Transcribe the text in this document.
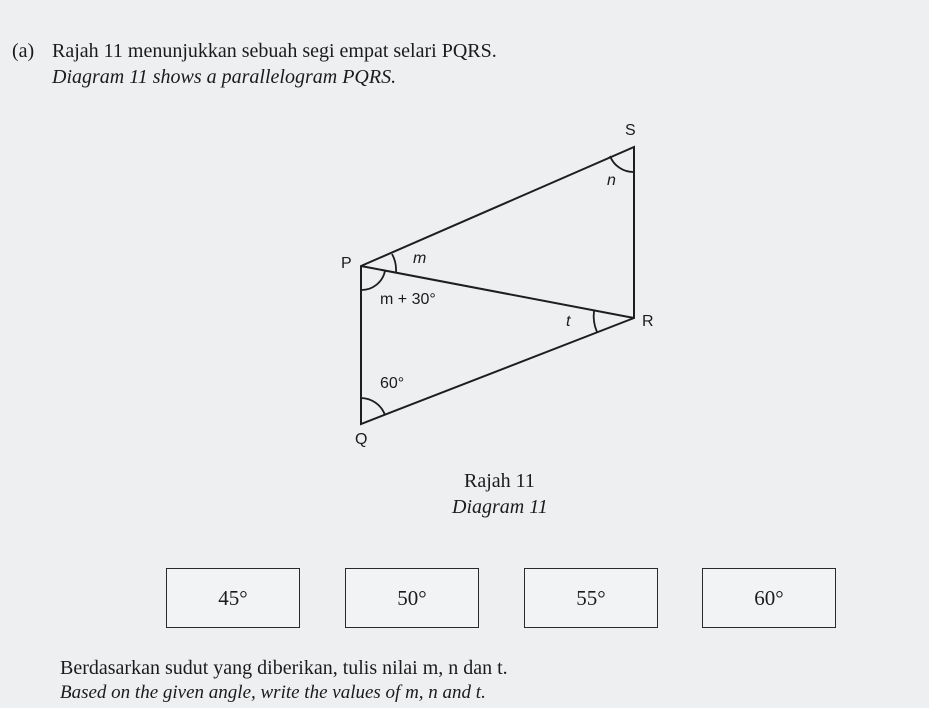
(a) Rajah 11 menunjukkan sebuah segi empat selari PQRS.
Diagram 11 shows a parallelogram PQRS.
S
P
R
Q
n
m
m + 30°
t
60°
Rajah 11
Diagram 11
45°	50°	55°	60°
Berdasarkan sudut yang diberikan, tulis nilai m, n dan t.
Based on the given angle, write the values of m, n and t.
